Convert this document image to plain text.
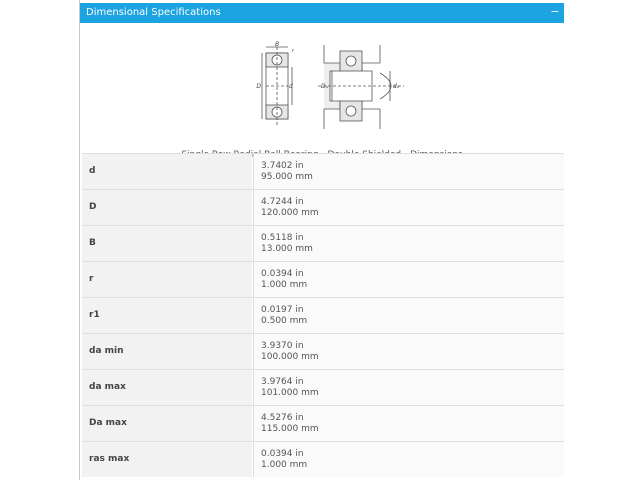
Dimensional Specifications	−
B
r
D	d	Dₐ	dₐ
d	3.7402 in
95.000 mm
D	4.7244 in
120.000 mm
B	0.5118 in
13.000 mm
r	0.0394 in
1.000 mm
r1	0.0197 in
0.500 mm
da min	3.9370 in
100.000 mm
da max	3.9764 in
101.000 mm
Da max	4.5276 in
115.000 mm
ras max	0.0394 in
1.000 mm
